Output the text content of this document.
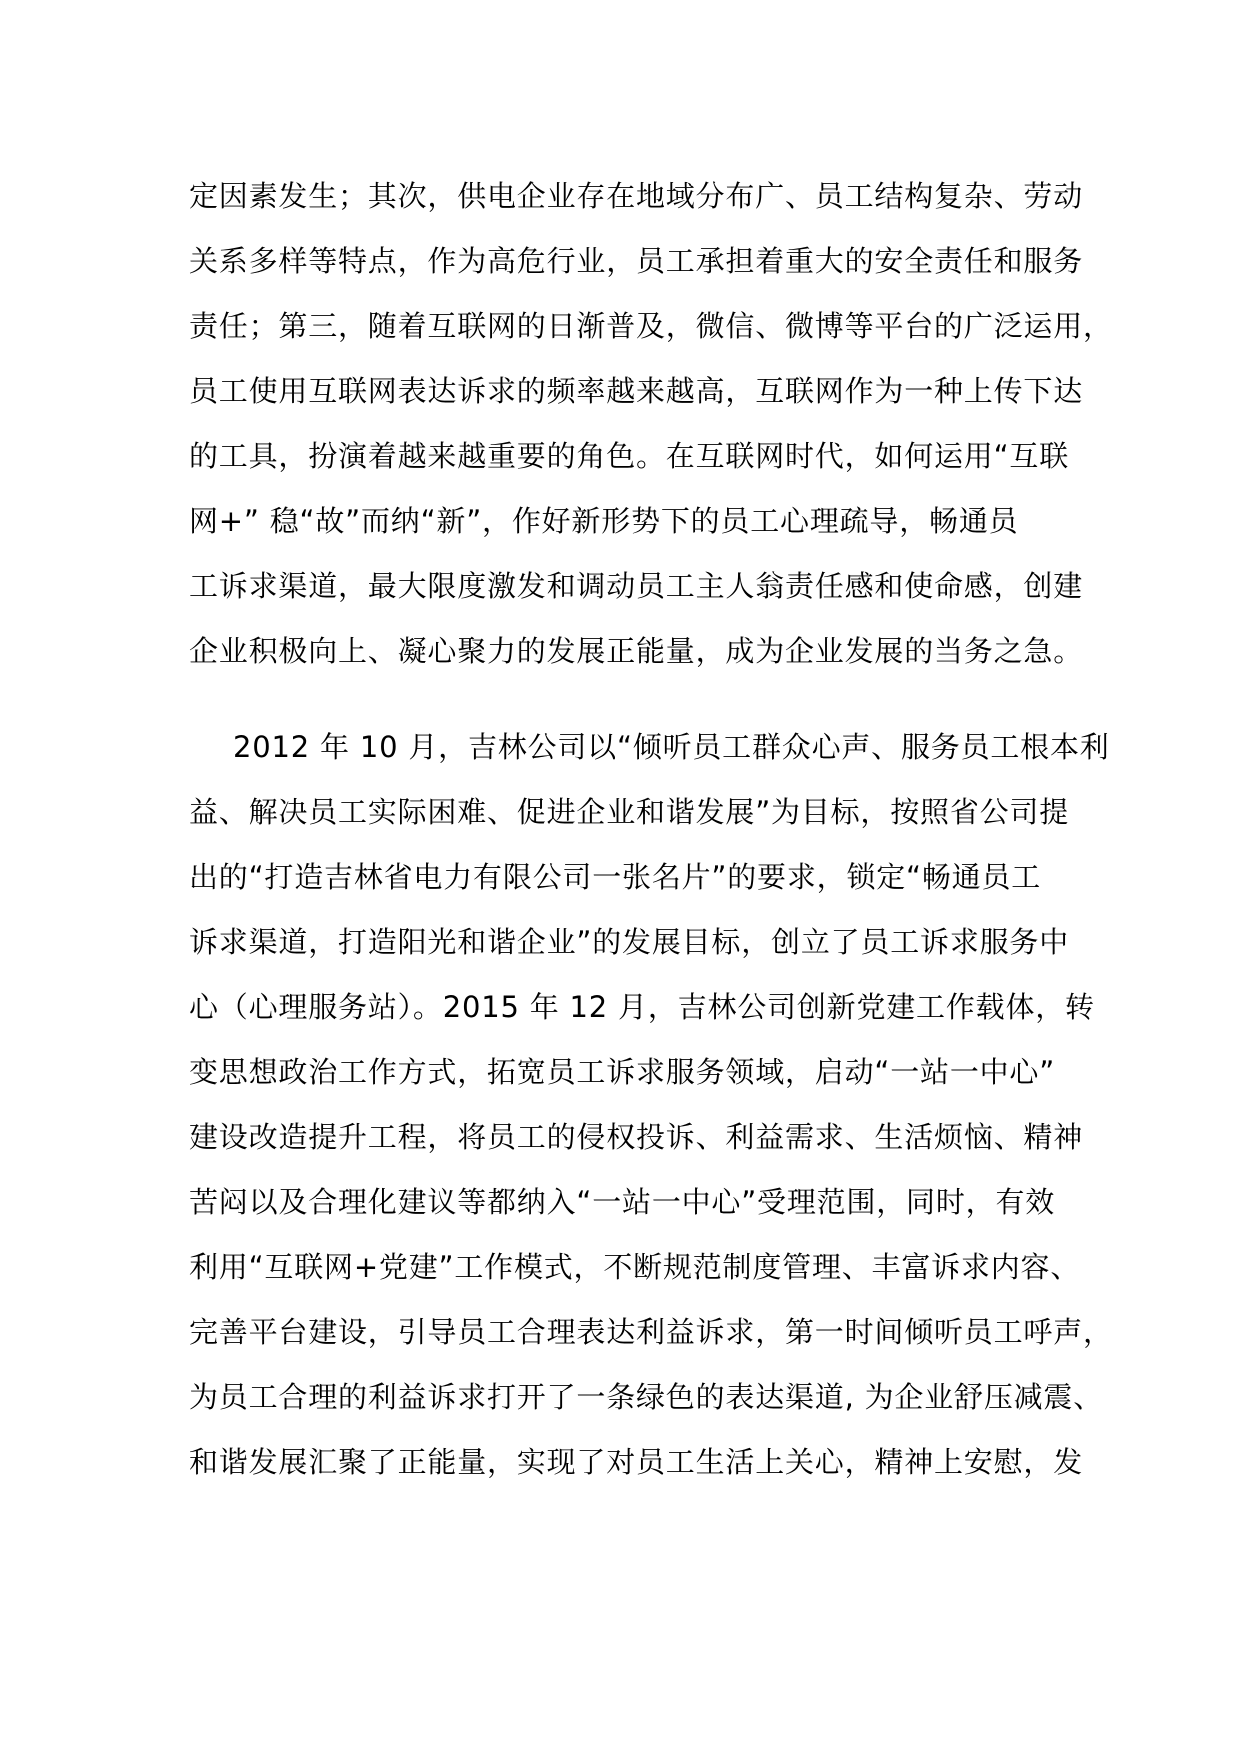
定因素发生；其次，供电企业存在地域分布广、员工结构复杂、劳动
关系多样等特点，作为高危行业，员工承担着重大的安全责任和服务
责任；第三，随着互联网的日渐普及，微信、微博等平台的广泛运用，
员工使用互联网表达诉求的频率越来越高，互联网作为一种上传下达
的工具，扮演着越来越重要的角色。在互联网时代，如何运用“互联
网+” 稳“故”而纳“新”，作好新形势下的员工心理疏导，畅通员
工诉求渠道，最大限度激发和调动员工主人翁责任感和使命感，创建
企业积极向上、凝心聚力的发展正能量，成为企业发展的当务之急。
2012 年 10 月，吉林公司以“倾听员工群众心声、服务员工根本利
益、解决员工实际困难、促进企业和谐发展”为目标，按照省公司提
出的“打造吉林省电力有限公司一张名片”的要求，锁定“畅通员工
诉求渠道，打造阳光和谐企业”的发展目标，创立了员工诉求服务中
心（心理服务站）。2015 年 12 月，吉林公司创新党建工作载体，转
变思想政治工作方式，拓宽员工诉求服务领域，启动“一站一中心”
建设改造提升工程，将员工的侵权投诉、利益需求、生活烦恼、精神
苦闷以及合理化建议等都纳入“一站一中心”受理范围，同时，有效
利用“互联网+党建”工作模式，不断规范制度管理、丰富诉求内容、
完善平台建设，引导员工合理表达利益诉求，第一时间倾听员工呼声，
为员工合理的利益诉求打开了一条绿色的表达渠道, 为企业舒压减震、
和谐发展汇聚了正能量，实现了对员工生活上关心，精神上安慰，发
